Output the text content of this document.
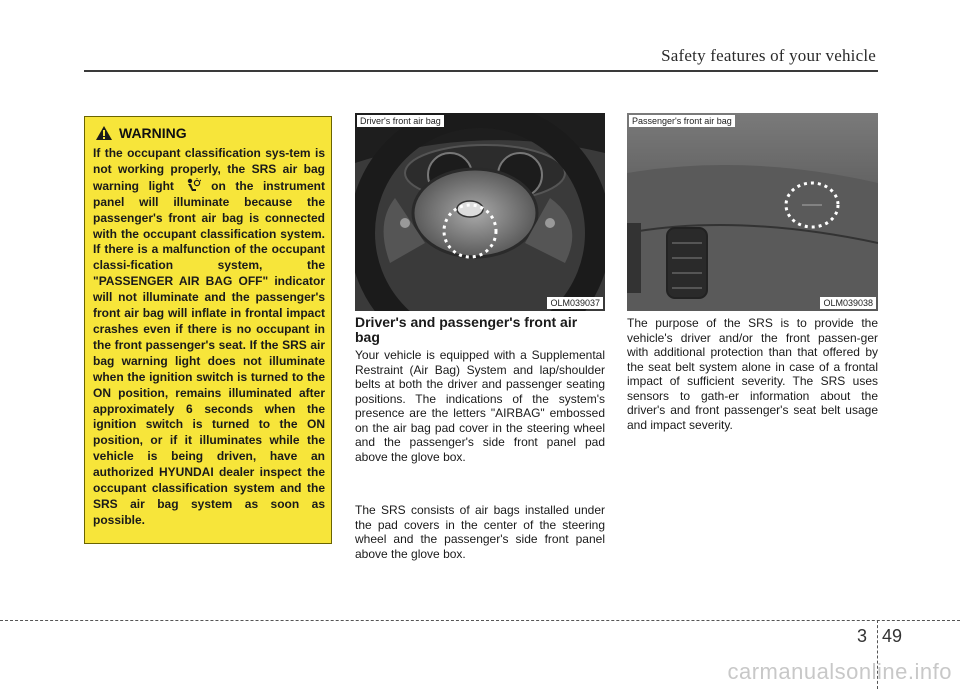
Safety features of your vehicle
WARNING
If the occupant classification sys-tem is not working properly, the SRS air bag warning light	on the instrument panel will illuminate because the passenger's front air bag is connected with the occupant classification system. If there is a malfunction of the occupant classi-fication system, the "PASSENGER AIR BAG OFF" indicator will not illuminate and the passenger's front air bag will inflate in frontal impact crashes even if there is no occupant in the front passenger's seat. If the SRS air bag warning light does not illuminate when the ignition switch is turned to the ON position, remains illuminated after approximately 6 seconds when the ignition switch is turned to the ON position, or if it illuminates while the vehicle is being driven, have an authorized HYUNDAI dealer inspect the occupant classification system and the SRS air bag system as soon as possible.
Driver's front air bag
OLM039037
Passenger's front air bag
OLM039038
Driver's and passenger's front air bag
Your vehicle is equipped with a Supplemental Restraint (Air Bag) System and lap/shoulder belts at both the driver and passenger seating positions. The indications of the system's presence are the letters "AIRBAG" embossed on the air bag pad cover in the steering wheel and the passenger's side front panel pad above the glove box.
The SRS consists of air bags installed under the pad covers in the center of the steering wheel and the passenger's side front panel above the glove box.
The purpose of the SRS is to provide the vehicle's driver and/or the front passen-ger with additional protection than that offered by the seat belt system alone in case of a frontal impact of sufficient severity. The SRS uses sensors to gath-er information about the driver's and front passenger's seat belt usage and impact severity.
3 49
carmanualsonline.info
